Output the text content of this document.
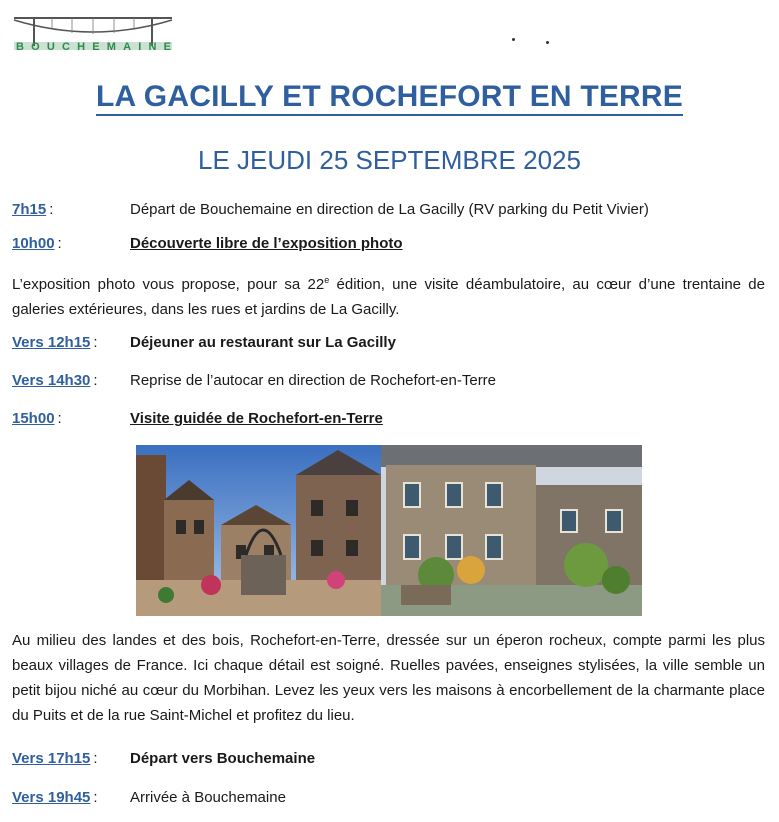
BOUCHEMAINE
LA GACILLY ET ROCHEFORT EN TERRE
LE JEUDI 25 SEPTEMBRE 2025
7h15 :	Départ de Bouchemaine en direction de La Gacilly (RV parking du Petit Vivier)
10h00 :	Découverte libre de l’exposition photo
L’exposition photo vous propose, pour sa 22e édition, une visite déambulatoire, au cœur d’une trentaine de galeries extérieures, dans les rues et jardins de La Gacilly.
Vers 12h15 :	Déjeuner au restaurant sur La Gacilly
Vers 14h30 :	Reprise de l’autocar en direction de Rochefort-en-Terre
15h00 :	Visite guidée de Rochefort-en-Terre
Au milieu des landes et des bois, Rochefort-en-Terre, dressée sur un éperon rocheux, compte parmi les plus beaux villages de France. Ici chaque détail est soigné. Ruelles pavées, enseignes stylisées, la ville semble un petit bijou niché au cœur du Morbihan. Levez les yeux vers les maisons à encorbellement de la charmante place du Puits et de la rue Saint-Michel et profitez du lieu.
Vers 17h15 :	Départ vers Bouchemaine
Vers 19h45 :	Arrivée à Bouchemaine
